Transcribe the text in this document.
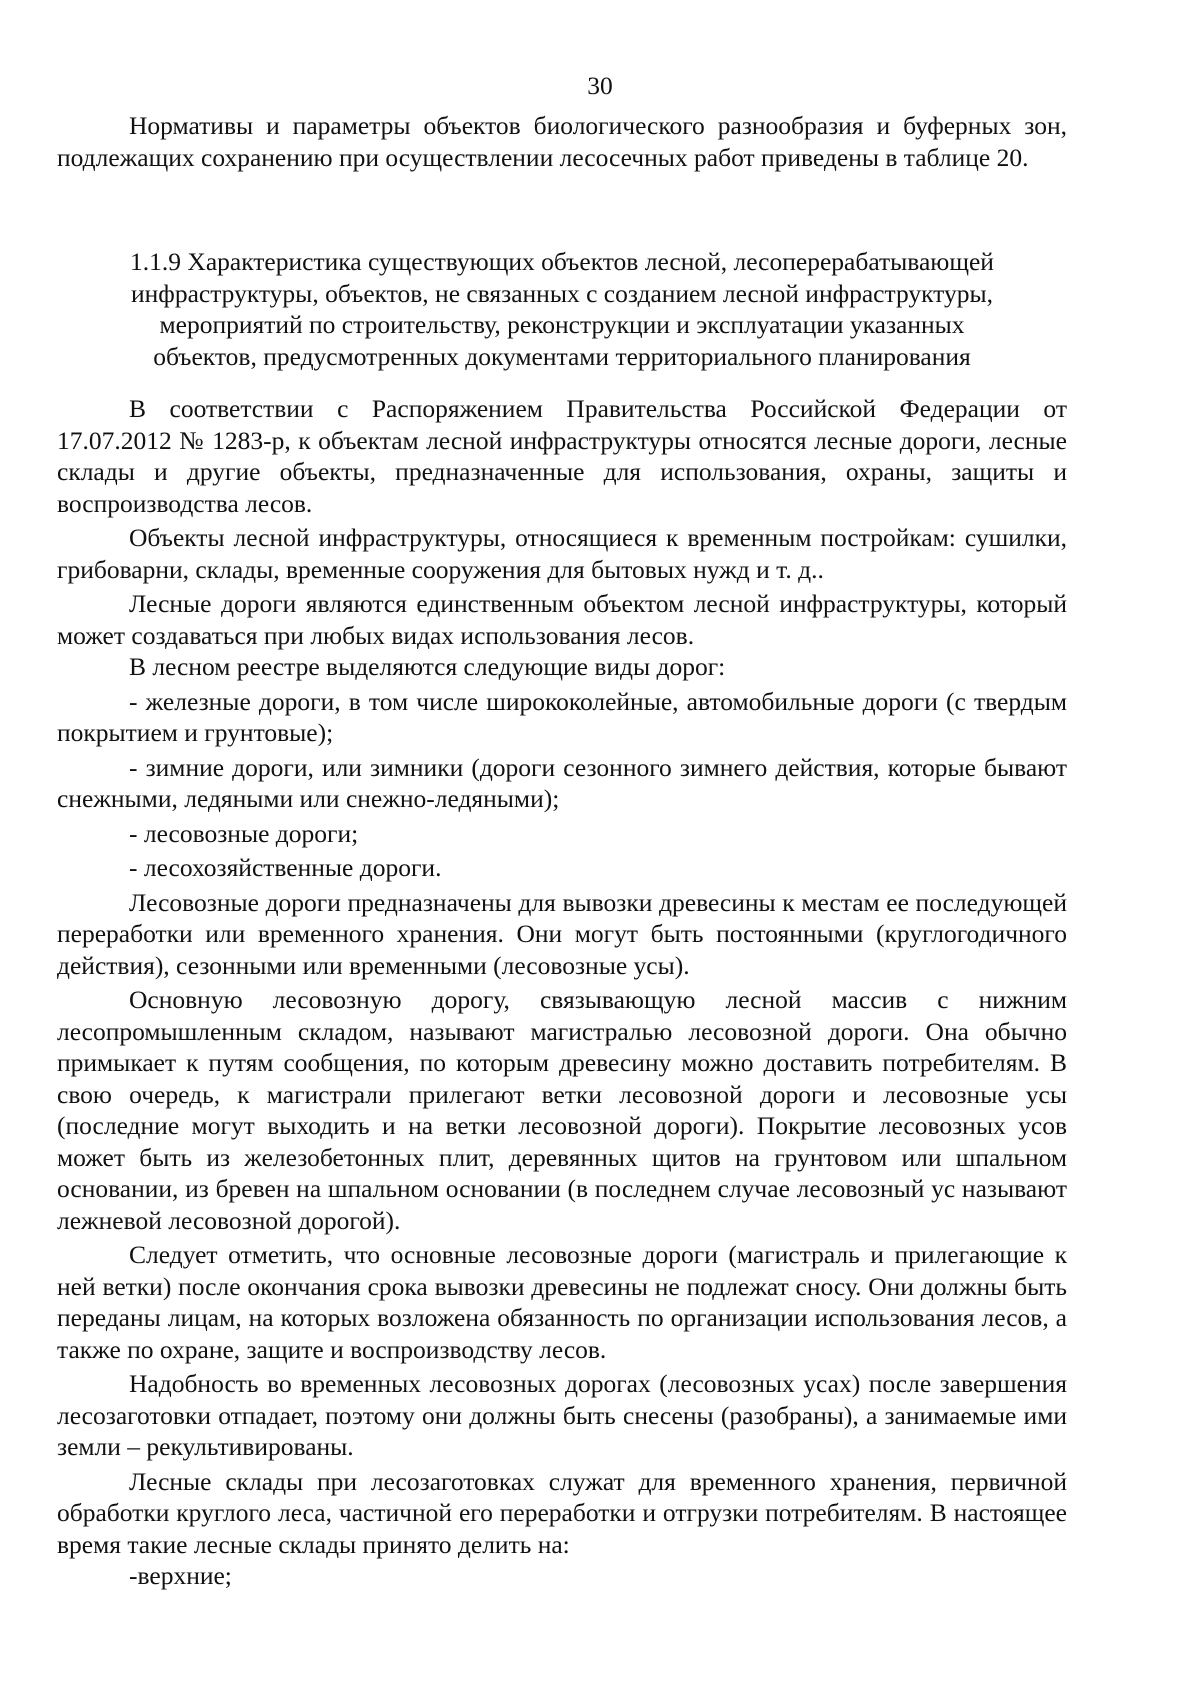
30

Нормативы и параметры объектов биологического разнообразия и буферных зон, подлежащих сохранению при осуществлении лесосечных работ приведены в таблице 20.

1.1.9 Характеристика существующих объектов лесной, лесоперерабатывающей
инфраструктуры, объектов, не связанных с созданием лесной инфраструктуры,
мероприятий по строительству, реконструкции и эксплуатации указанных
объектов, предусмотренных документами территориального планирования

В соответствии с Распоряжением Правительства Российской Федерации от 17.07.2012 № 1283-р, к объектам лесной инфраструктуры относятся лесные дороги, лесные склады и другие объекты, предназначенные для использования, охраны, защиты и воспроизводства лесов.

Объекты лесной инфраструктуры, относящиеся к временным постройкам: сушилки, грибоварни, склады, временные сооружения для бытовых нужд и т. д..

Лесные дороги являются единственным объектом лесной инфраструктуры, который может создаваться при любых видах использования лесов.

В лесном реестре выделяются следующие виды дорог:

- железные дороги, в том числе ширококолейные, автомобильные дороги (с твердым покрытием и грунтовые);

- зимние дороги, или зимники (дороги сезонного зимнего действия, которые бывают снежными, ледяными или снежно-ледяными);

- лесовозные дороги;

- лесохозяйственные дороги.

Лесовозные дороги предназначены для вывозки древесины к местам ее последующей переработки или временного хранения. Они могут быть постоянными (круглогодичного действия), сезонными или временными (лесовозные усы).

Основную лесовозную дорогу, связывающую лесной массив с нижним лесопромышленным складом, называют магистралью лесовозной дороги. Она обычно примыкает к путям сообщения, по которым древесину можно доставить потребителям. В свою очередь, к магистрали прилегают ветки лесовозной дороги и лесовозные усы (последние могут выходить и на ветки лесовозной дороги). Покрытие лесовозных усов может быть из железобетонных плит, деревянных щитов на грунтовом или шпальном основании, из бревен на шпальном основании (в последнем случае лесовозный ус называют лежневой лесовозной дорогой).

Следует отметить, что основные лесовозные дороги (магистраль и прилегающие к ней ветки) после окончания срока вывозки древесины не подлежат сносу. Они должны быть переданы лицам, на которых возложена обязанность по организации использования лесов, а также по охране, защите и воспроизводству лесов.

Надобность во временных лесовозных дорогах (лесовозных усах) после завершения лесозаготовки отпадает, поэтому они должны быть снесены (разобраны), а занимаемые ими земли – рекультивированы.

Лесные склады при лесозаготовках служат для временного хранения, первичной обработки круглого леса, частичной его переработки и отгрузки потребителям. В настоящее время такие лесные склады принято делить на:

-верхние;
